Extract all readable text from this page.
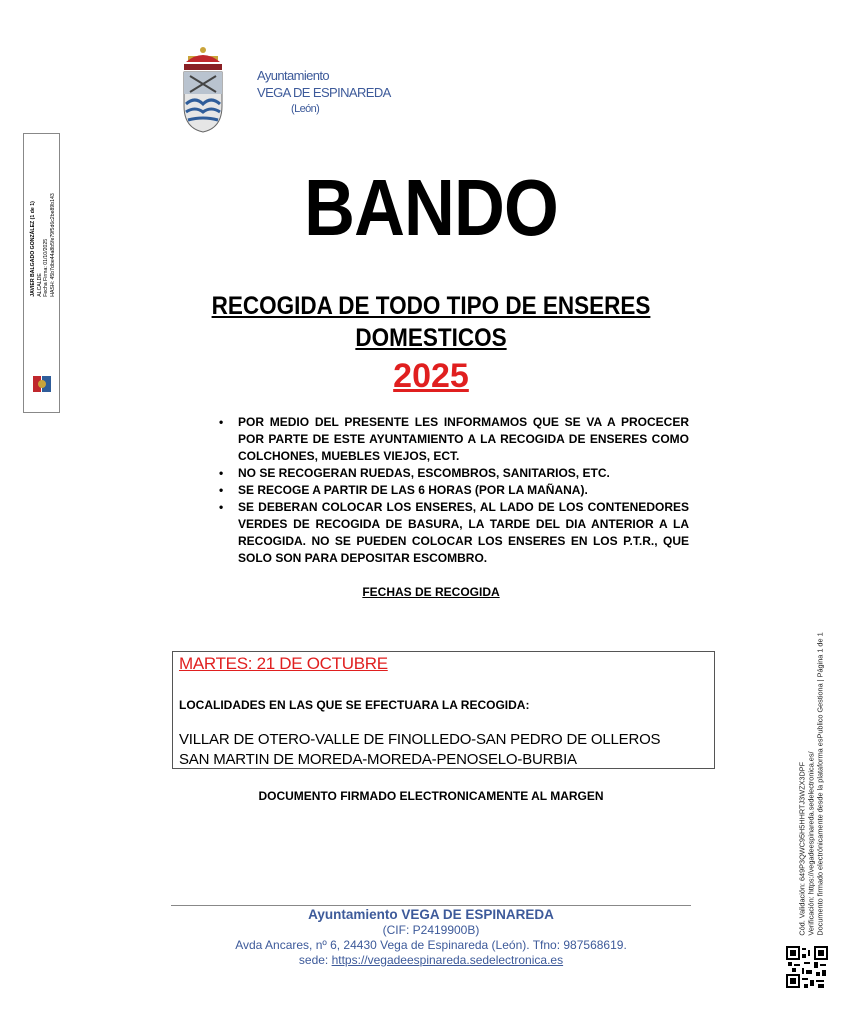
Ayuntamiento
VEGA DE ESPINAREDA
(León)
JAVIER BALGADO GONZÁLEZ (1 de 1) ALCALDE Fecha Firma: 01/10/2025 HASH: 45b7dbe44a8b5fe79f5d6c2be89b143	BANDO
RECOGIDA DE TODO TIPO DE ENSERES
DOMESTICOS
2025
• POR MEDIO DEL PRESENTE LES INFORMAMOS QUE SE VA A PROCECER POR PARTE DE ESTE AYUNTAMIENTO A LA RECOGIDA DE ENSERES COMO COLCHONES, MUEBLES VIEJOS, ECT.
• NO SE RECOGERAN RUEDAS, ESCOMBROS, SANITARIOS, ETC.
• SE RECOGE A PARTIR DE LAS 6 HORAS (POR LA MAÑANA).
• SE DEBERAN COLOCAR LOS ENSERES, AL LADO DE LOS CONTENEDORES VERDES DE RECOGIDA DE BASURA, LA TARDE DEL DIA ANTERIOR A LA RECOGIDA. NO SE PUEDEN COLOCAR LOS ENSERES EN LOS P.T.R., QUE SOLO SON PARA DEPOSITAR ESCOMBRO.
FECHAS DE RECOGIDA
MARTES: 21 DE OCTUBRE
LOCALIDADES EN LAS QUE SE EFECTUARA LA RECOGIDA:
VILLAR DE OTERO-VALLE DE FINOLLEDO-SAN PEDRO DE OLLEROS
SAN MARTIN DE MOREDA-MOREDA-PENOSELO-BURBIA
DOCUMENTO FIRMADO ELECTRONICAMENTE AL MARGEN
Ayuntamiento VEGA DE ESPINAREDA
(CIF: P2419900B)
Avda Ancares, nº 6, 24430 Vega de Espinareda (León). Tfno: 987568619.
sede: https://vegadeespinareda.sedelectronica.es
Cód. Validación: 649P3QWC95H5HHRTJ3WZX3DPF Verificación: https://vegadeespinareda.sedelectronica.es/ Documento firmado electrónicamente desde la plataforma esPublico Gestiona | Página 1 de 1
